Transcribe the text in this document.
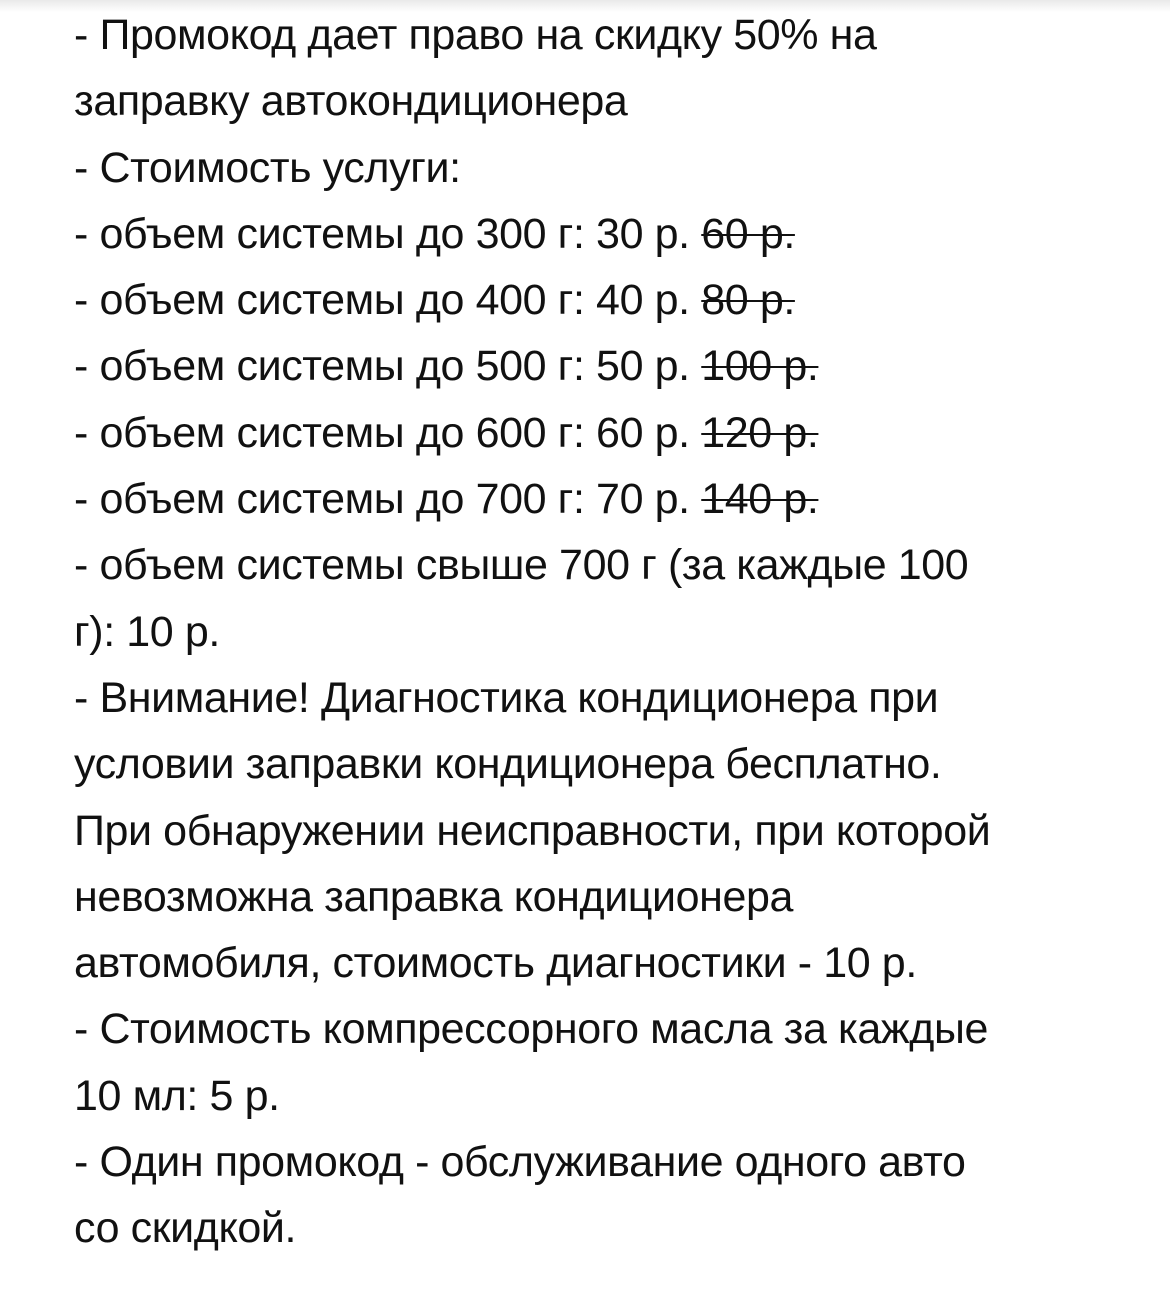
- Промокод дает право на скидку 50% на
заправку автокондиционера
- Стоимость услуги:
- объем системы до 300 г: 30 р. 60 р.
- объем системы до 400 г: 40 р. 80 р.
- объем системы до 500 г: 50 р. 100 р.
- объем системы до 600 г: 60 р. 120 р.
- объем системы до 700 г: 70 р. 140 р.
- объем системы свыше 700 г (за каждые 100
г): 10 р.
- Внимание! Диагностика кондиционера при
условии заправки кондиционера бесплатно.
При обнаружении неисправности, при которой
невозможна заправка кондиционера
автомобиля, стоимость диагностики - 10 р.
- Стоимость компрессорного масла за каждые
10 мл: 5 р.
- Один промокод - обслуживание одного авто
со скидкой.
